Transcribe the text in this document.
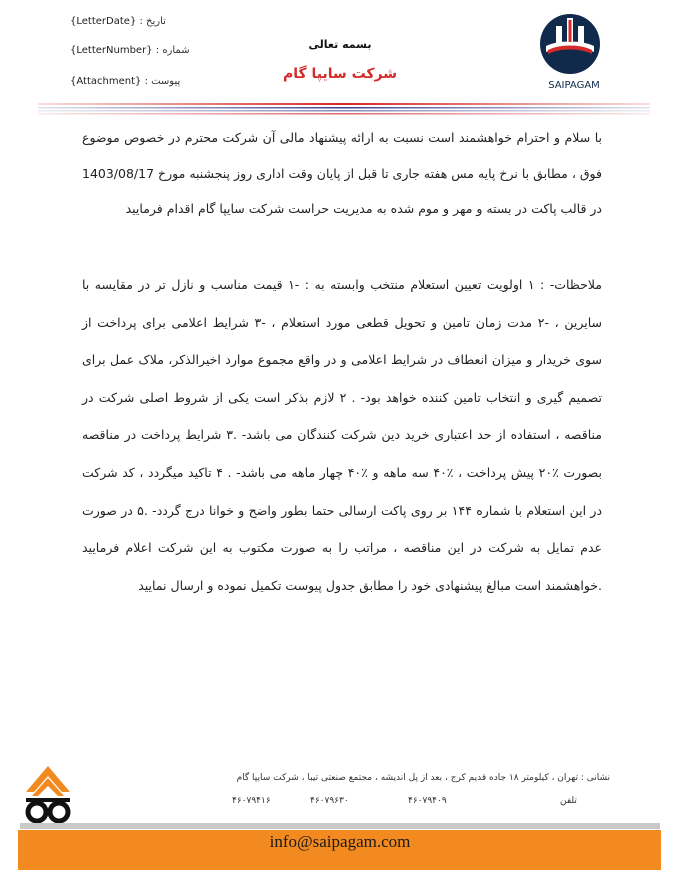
تاریخ : {LetterDate}
شماره : {LetterNumber}
پیوست : {Attachment}
بسمه تعالی
شرکت سایپا گام
SAIPAGAM

با سلام و احترام خواهشمند است نسبت به ارائه پیشنهاد مالی آن شرکت محترم در خصوص موضوع فوق ، مطابق با نرخ پایه مس هفته جاری تا قبل از پایان وقت اداری روز پنجشنبه مورخ 1403/08/17 در قالب پاکت در بسته و مهر و موم شده به مدیریت حراست شرکت سایپا گام اقدام فرمایید

ملاحظات- : ۱ اولویت تعیین استعلام منتخب وابسته به : -۱ قیمت مناسب و نازل تر در مقایسه با سایرین ، -۲ مدت زمان تامین و تحویل قطعی مورد استعلام ، -۳ شرایط اعلامی برای پرداخت از سوی خریدار و میزان انعطاف در شرایط اعلامی و در واقع مجموع موارد اخیرالذکر، ملاک عمل برای تصمیم گیری و انتخاب تامین کننده خواهد بود- . ۲ لازم بذکر است یکی از شروط اصلی شرکت در مناقصه ، استفاده از حد اعتباری خرید دین شرکت کنندگان می باشد- .۳ شرایط پرداخت در مناقصه بصورت ٪۲۰ پیش پرداخت ، ٪۴۰ سه ماهه و ٪۴۰ چهار ماهه می باشد- . ۴ تاکید میگردد ، کد شرکت در این استعلام با شماره ۱۴۴ بر روی پاکت ارسالی حتما بطور واضح و خوانا درج گردد- .۵ در صورت عدم تمایل به شرکت در این مناقصه ، مراتب را به صورت مکتوب به این شرکت اعلام فرمایید .خواهشمند است مبالغ پیشنهادی خود را مطابق جدول پیوست تکمیل نموده و ارسال نمایید

نشانی : تهران ، کیلومتر ۱۸ جاده قدیم کرج ، بعد از پل اندیشه ، مجتمع صنعتی تیبا ، شرکت سایپا گام
تلفن
۴۶۰۷۹۴۰۹
۴۶۰۷۹۶۳۰
۴۶۰۷۹۴۱۶
info@saipagam.com
